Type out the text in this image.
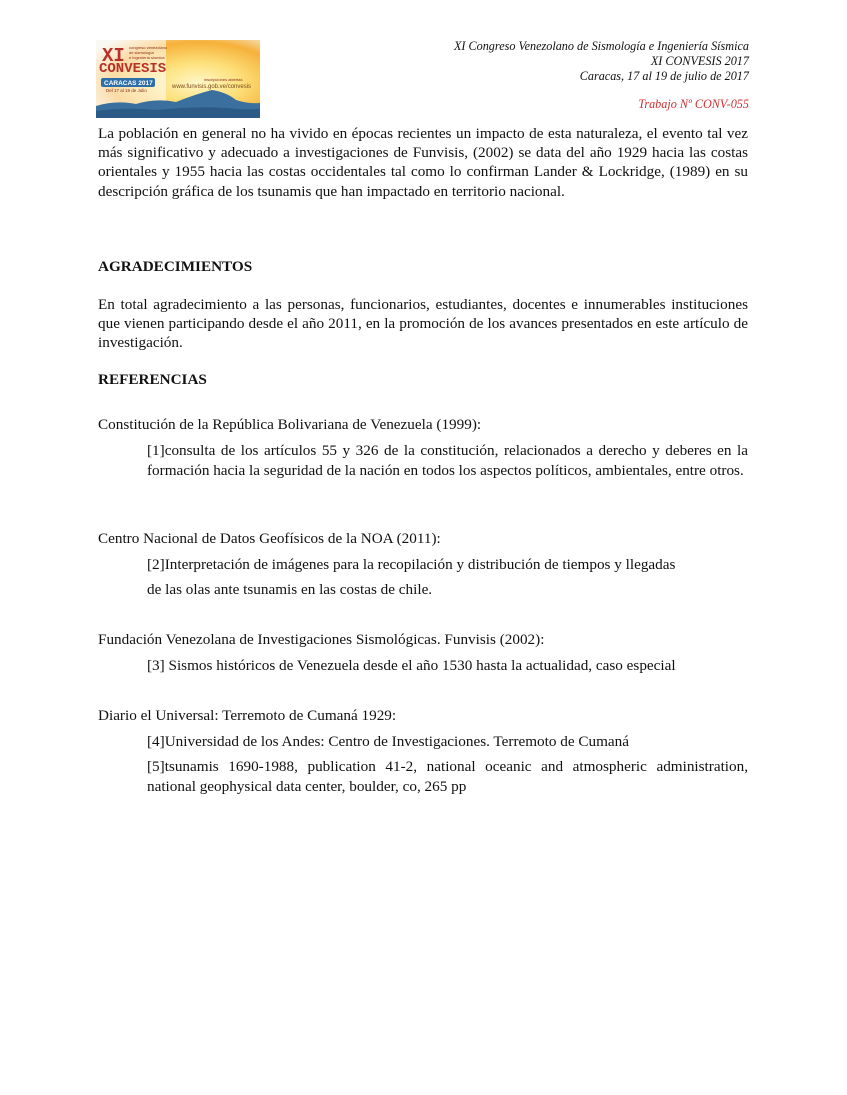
XI congreso venezolano
de sismología
e ingeniería sísmica
CONVESIS
CARACAS 2017
Del 17 al 19 de Julio
inscripciones abiertas
www.funvisis.gob.ve/convesis
XI Congreso Venezolano de Sismología e Ingeniería Sísmica
XI CONVESIS 2017
Caracas, 17 al 19 de julio de 2017
Trabajo Nº CONV-055

La población en general no ha vivido en épocas recientes un impacto de esta naturaleza, el evento tal vez más significativo y adecuado a investigaciones de Funvisis, (2002) se data del año 1929 hacia las costas orientales y 1955 hacia las costas occidentales tal como lo confirman Lander & Lockridge, (1989) en su descripción gráfica de los tsunamis que han impactado en territorio nacional.

AGRADECIMIENTOS

En total agradecimiento a las personas, funcionarios, estudiantes, docentes e innumerables instituciones que vienen participando desde el año 2011, en la promoción de los avances presentados en este artículo de investigación.

REFERENCIAS

Constitución de la República Bolivariana de Venezuela (1999):

[1]consulta de los artículos 55 y 326 de la constitución, relacionados a derecho y deberes en la formación hacia la seguridad de la nación en todos los aspectos políticos, ambientales, entre otros.

Centro Nacional de Datos Geofísicos de la NOA (2011):

[2]Interpretación de imágenes para la recopilación y distribución de tiempos y llegadas

de las olas ante tsunamis en las costas de chile.

Fundación Venezolana de Investigaciones Sismológicas. Funvisis (2002):

[3] Sismos históricos de Venezuela desde el año 1530 hasta la actualidad, caso especial

Diario el Universal: Terremoto de Cumaná 1929:

[4]Universidad de los Andes: Centro de Investigaciones. Terremoto de Cumaná

[5]tsunamis 1690-1988, publication 41-2, national oceanic and atmospheric administration, national geophysical data center, boulder, co, 265 pp
